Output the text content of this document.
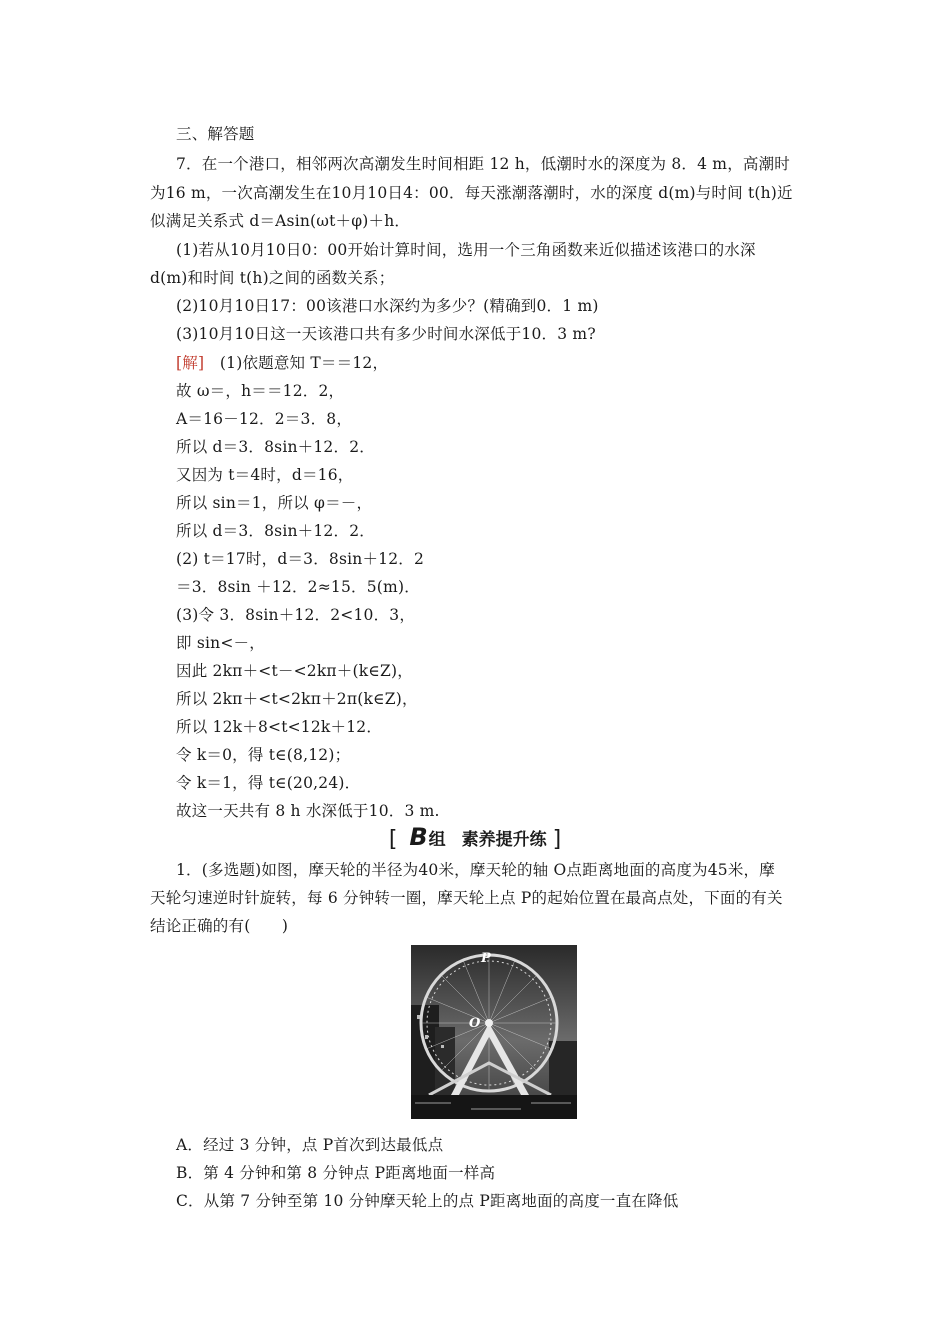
三、解答题
7．在一个港口，相邻两次高潮发生时间相距 12 h，低潮时水的深度为 8．4 m，高潮时
为16 m，一次高潮发生在10月10日4：00．每天涨潮落潮时，水的深度 d(m)与时间 t(h)近
似满足关系式 d＝Asin(ωt＋φ)＋h．
(1)若从10月10日0：00开始计算时间，选用一个三角函数来近似描述该港口的水深
d(m)和时间 t(h)之间的函数关系；
(2)10月10日17：00该港口水深约为多少？(精确到0．1 m)
(3)10月10日这一天该港口共有多少时间水深低于10．3 m?
[解]　(1)依题意知 T＝＝12，
故 ω＝，h＝＝12．2，
A＝16－12．2＝3．8，
所以 d＝3．8sin＋12．2．
又因为 t＝4时，d＝16，
所以 sin＝1，所以 φ＝－，
所以 d＝3．8sin＋12．2．
(2) t＝17时，d＝3．8sin＋12．2
＝3．8sin ＋12．2≈15．5(m)．
(3)令 3．8sin＋12．2<10．3，
即 sin<－，
因此 2kπ＋<t－<2kπ＋(k∈Z)，
所以 2kπ＋<t<2kπ＋2π(k∈Z)，
所以 12k＋8<t<12k＋12．
令 k＝0，得 t∈(8,12)；
令 k＝1，得 t∈(20,24)．
故这一天共有 8 h 水深低于10．3 m.
[ B 组 素养提升练 ]
1．(多选题)如图，摩天轮的半径为40米，摩天轮的轴 O点距离地面的高度为45米，摩
天轮匀速逆时针旋转，每 6 分钟转一圈，摩天轮上点 P的起始位置在最高点处，下面的有关
结论正确的有(　　)
P
O
A．经过 3 分钟，点 P首次到达最低点
B．第 4 分钟和第 8 分钟点 P距离地面一样高
C．从第 7 分钟至第 10 分钟摩天轮上的点 P距离地面的高度一直在降低
